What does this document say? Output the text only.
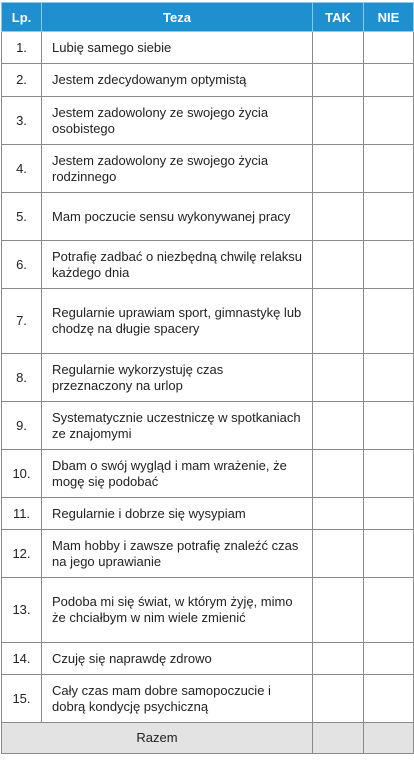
Lp.	Teza	TAK	NIE
1.	Lubię samego siebie		
2.	Jestem zdecydowanym optymistą		
3.	Jestem zadowolony ze swojego życia osobistego		
4.	Jestem zadowolony ze swojego życia rodzinnego		
5.	Mam poczucie sensu wykonywanej pracy		
6.	Potrafię zadbać o niezbędną chwilę relaksu każdego dnia		
7.	Regularnie uprawiam sport, gimnastykę lub chodzę na długie spacery		
8.	Regularnie wykorzystuję czas przeznaczony na urlop		
9.	Systematycznie uczestniczę w spotkaniach ze znajomymi		
10.	Dbam o swój wygląd i mam wrażenie, że mogę się podobać		
11.	Regularnie i dobrze się wysypiam		
12.	Mam hobby i zawsze potrafię znaleźć czas na jego uprawianie		
13.	Podoba mi się świat, w którym żyję, mimo że chciałbym w nim wiele zmienić		
14.	Czuję się naprawdę zdrowo		
15.	Cały czas mam dobre samopoczucie i dobrą kondycję psychiczną		
Razem			
